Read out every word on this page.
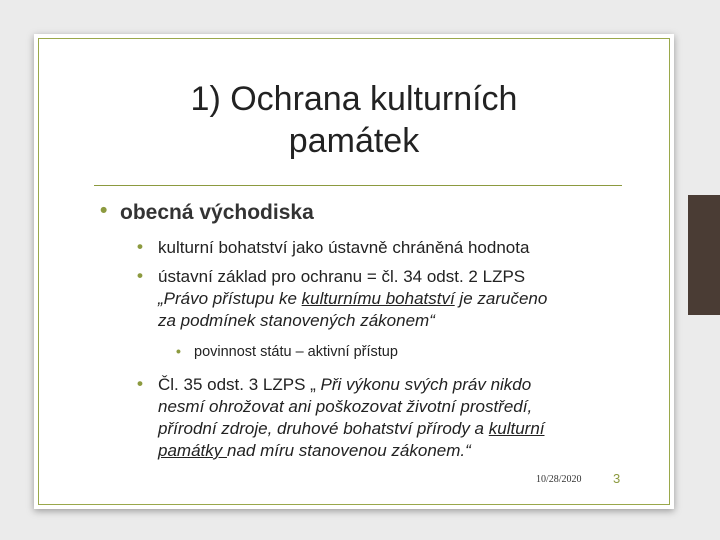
1) Ochrana kulturních
památek
• obecná východiska
• kulturní bohatství jako ústavně chráněná hodnota
• ústavní základ pro ochranu = čl. 34 odst. 2 LZPS
„Právo přístupu ke kulturnímu bohatství je zaručeno
za podmínek stanovených zákonem“
• povinnost státu – aktivní přístup
• Čl. 35 odst. 3 LZPS „ Při výkonu svých práv nikdo
nesmí ohrožovat ani poškozovat životní prostředí,
přírodní zdroje, druhové bohatství přírody a kulturní
památky nad míru stanovenou zákonem.“
10/28/2020 3
